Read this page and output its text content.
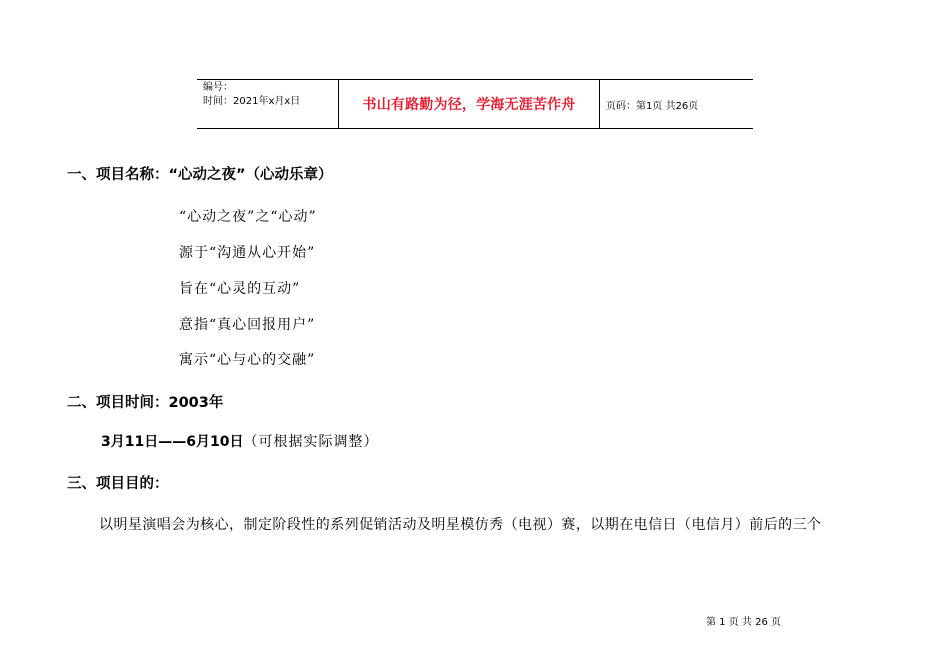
编号：
时间：2021年x月x日	书山有路勤为径，学海无涯苦作舟	页码：第1页 共26页
一、项目名称：“心动之夜”（心动乐章）
“心动之夜”之“心动”
源于“沟通从心开始”
旨在“心灵的互动”
意指“真心回报用户”
寓示“心与心的交融”
二、项目时间：2003年
3月11日——6月10日（可根据实际调整）
三、项目目的：
以明星演唱会为核心，制定阶段性的系列促销活动及明星模仿秀（电视）赛，以期在电信日（电信月）前后的三个
第 1 页 共 26 页
